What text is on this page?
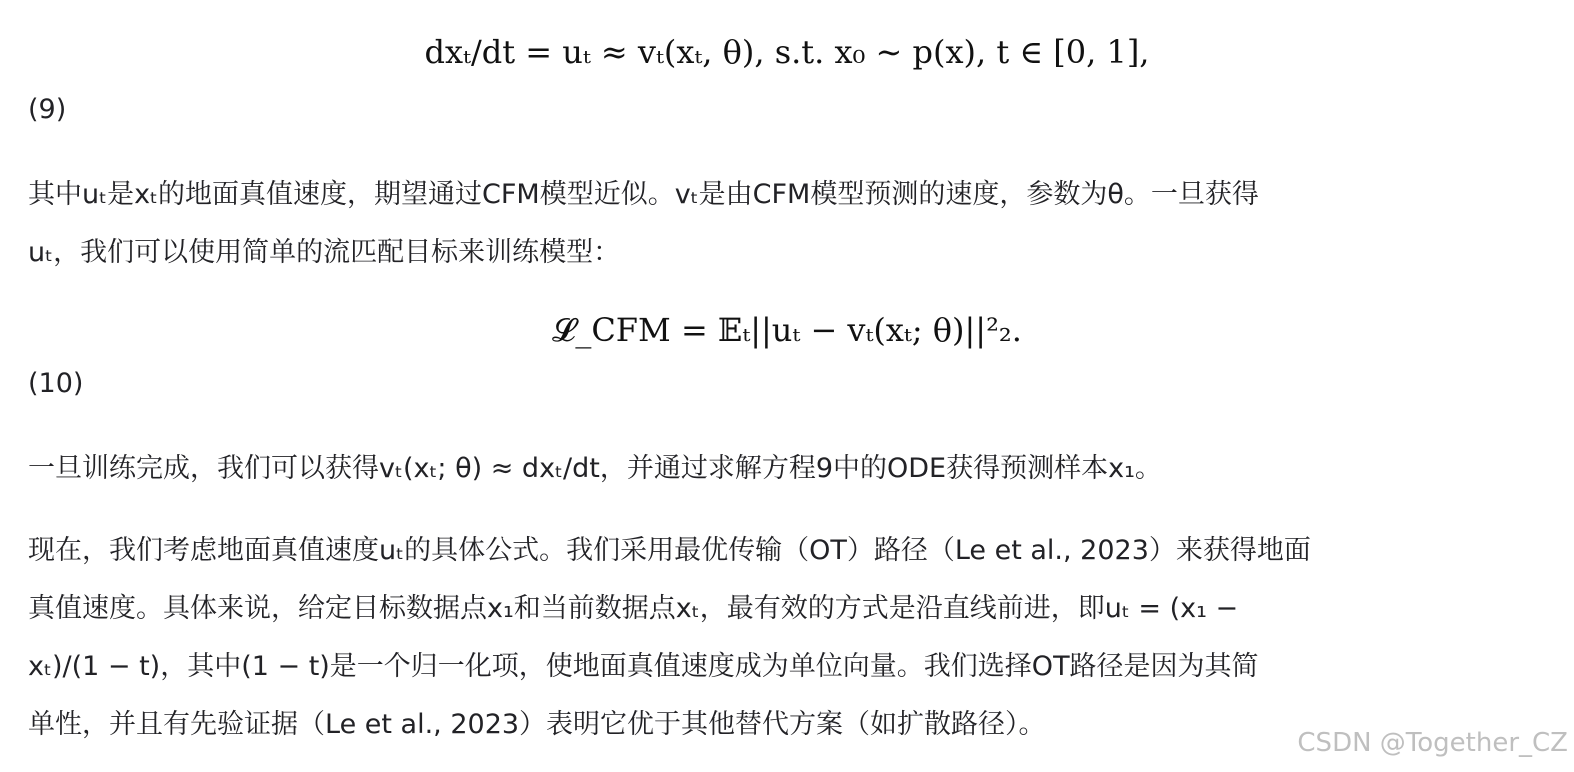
dxₜ/dt = uₜ ≈ vₜ(xₜ, θ), s.t. x₀ ∼ p(x), t ∈ [0, 1],
(9)
其中uₜ是xₜ的地面真值速度，期望通过CFM模型近似。vₜ是由CFM模型预测的速度，参数为θ。一旦获得
uₜ，我们可以使用简单的流匹配目标来训练模型：
𝓛_CFM = 𝔼ₜ||uₜ − vₜ(xₜ; θ)||²₂.
(10)
一旦训练完成，我们可以获得vₜ(xₜ; θ) ≈ dxₜ/dt，并通过求解方程9中的ODE获得预测样本x₁。
现在，我们考虑地面真值速度uₜ的具体公式。我们采用最优传输（OT）路径（Le et al., 2023）来获得地面
真值速度。具体来说，给定目标数据点x₁和当前数据点xₜ，最有效的方式是沿直线前进，即uₜ = (x₁ −
xₜ)/(1 − t)，其中(1 − t)是一个归一化项，使地面真值速度成为单位向量。我们选择OT路径是因为其简
单性，并且有先验证据（Le et al., 2023）表明它优于其他替代方案（如扩散路径）。
CSDN @Together_CZ
